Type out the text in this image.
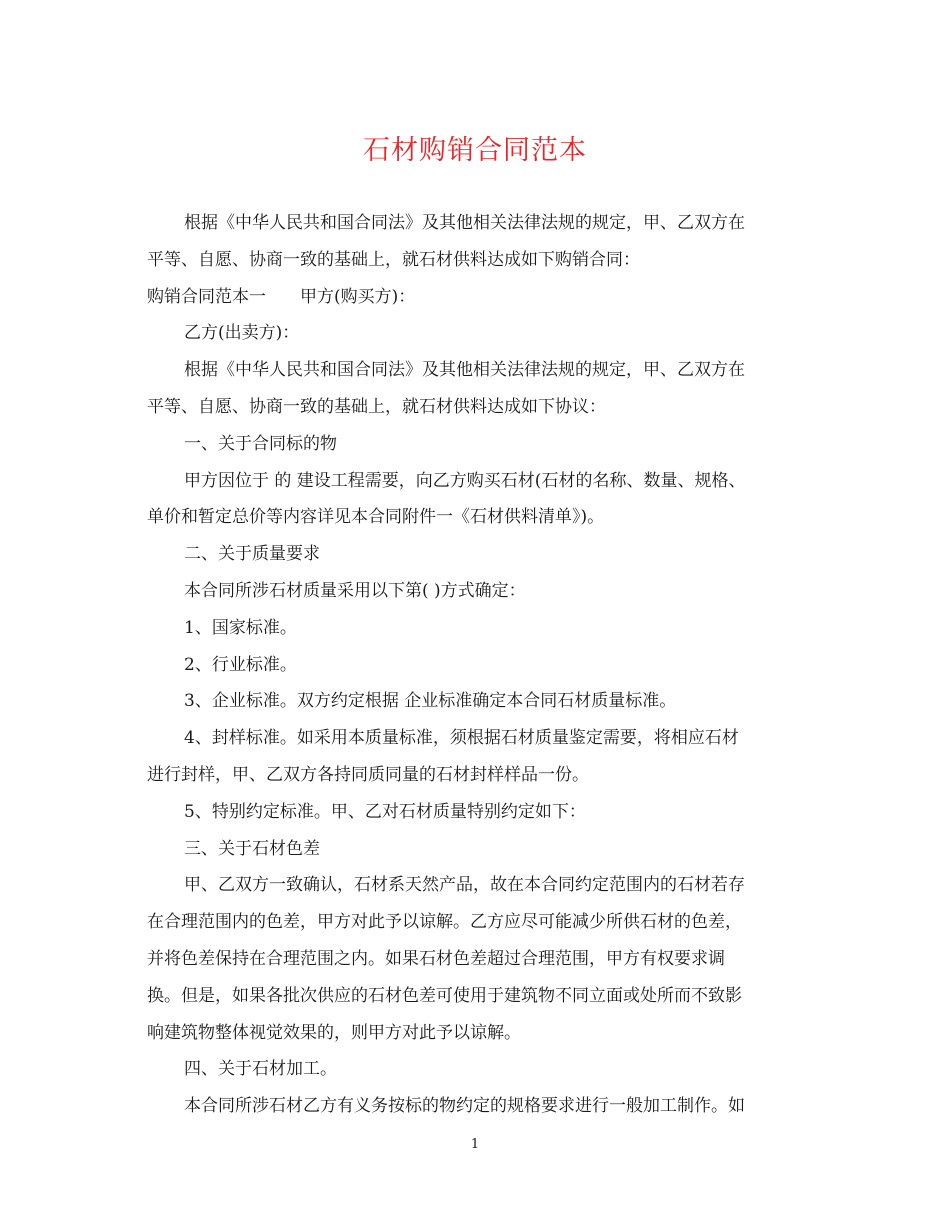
石材购销合同范本
根据《中华人民共和国合同法》及其他相关法律法规的规定，甲、乙双方在
平等、自愿、协商一致的基础上，就石材供料达成如下购销合同：
购销合同范本一　　甲方(购买方)：
乙方(出卖方)：
根据《中华人民共和国合同法》及其他相关法律法规的规定，甲、乙双方在
平等、自愿、协商一致的基础上，就石材供料达成如下协议：
一、关于合同标的物
甲方因位于 的 建设工程需要，向乙方购买石材(石材的名称、数量、规格、
单价和暂定总价等内容详见本合同附件一《石材供料清单》)。
二、关于质量要求
本合同所涉石材质量采用以下第( )方式确定：
1、国家标准。
2、行业标准。
3、企业标准。双方约定根据 企业标准确定本合同石材质量标准。
4、封样标准。如采用本质量标准，须根据石材质量鉴定需要，将相应石材
进行封样，甲、乙双方各持同质同量的石材封样样品一份。
5、特别约定标准。甲、乙对石材质量特别约定如下：
三、关于石材色差
甲、乙双方一致确认，石材系天然产品，故在本合同约定范围内的石材若存
在合理范围内的色差，甲方对此予以谅解。乙方应尽可能减少所供石材的色差，
并将色差保持在合理范围之内。如果石材色差超过合理范围，甲方有权要求调
换。但是，如果各批次供应的石材色差可使用于建筑物不同立面或处所而不致影
响建筑物整体视觉效果的，则甲方对此予以谅解。
四、关于石材加工。
本合同所涉石材乙方有义务按标的物约定的规格要求进行一般加工制作。如
1
